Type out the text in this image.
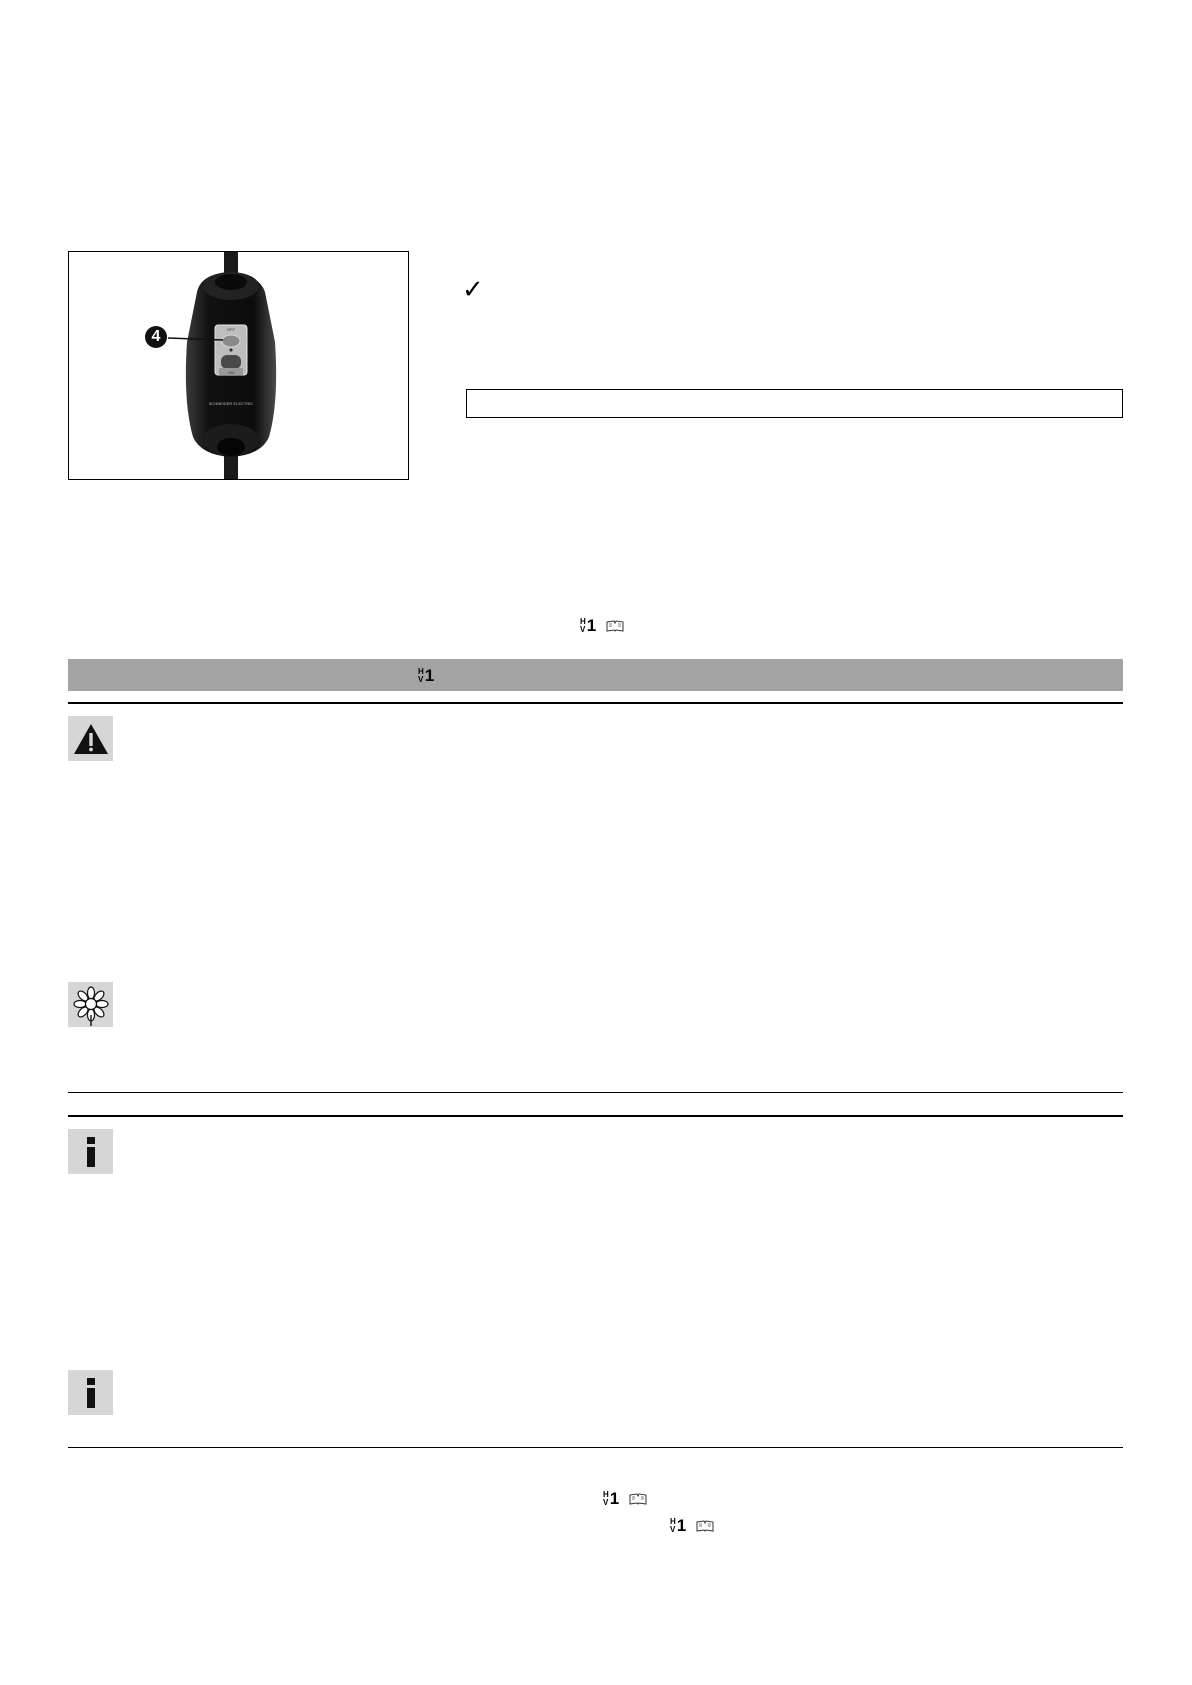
OFF
ON
SCHNEIDER ELECTRIC
4
✓
H
V 1
H
V 1
H
V 1
H
V 1
